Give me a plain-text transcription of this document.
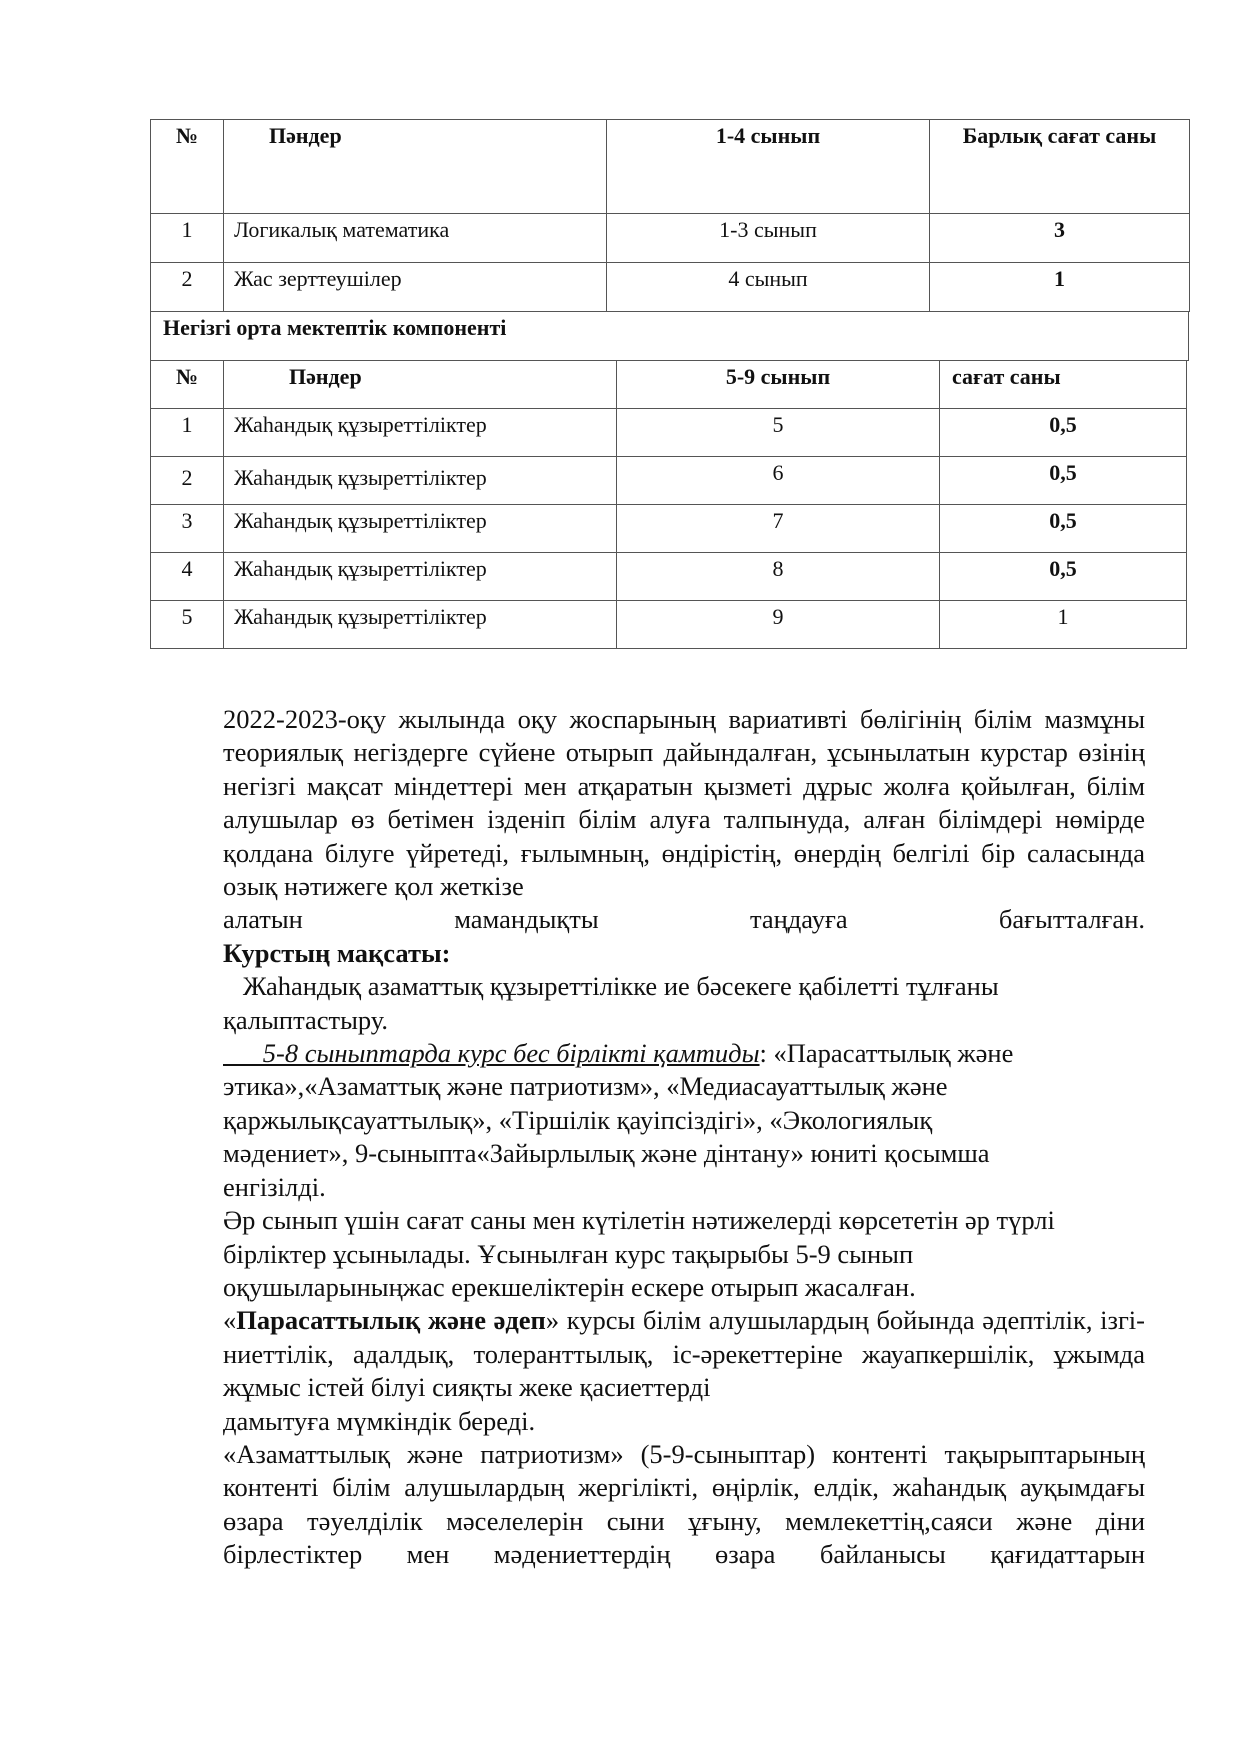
№	Пәндер	1-4 сынып	Барлық сағат саны
1	Логикалық математика	1-3 сынып	3
2	Жас зерттеушілер	4 сынып	1
Негізгі орта мектептік компоненті
№	Пәндер	5-9 сынып	сағат саны
1	Жаһандық құзыреттіліктер	5	0,5
2	Жаһандық құзыреттіліктер	6	0,5
3	Жаһандық құзыреттіліктер	7	0,5
4	Жаһандық құзыреттіліктер	8	0,5
5	Жаһандық құзыреттіліктер	9	1

2022-2023-оқу жылында оқу жоспарының вариативті бөлігінің білім мазмұны теориялық негіздерге сүйене отырып дайындалған, ұсынылатын курстар өзінің негізгі мақсат міндеттері мен атқаратын қызметі дұрыс жолға қойылған, білім алушылар өз бетімен ізденіп білім алуға талпынуда, алған білімдері нөмірде қолдана білуге үйретеді, ғылымның, өндірістің, өнердің белгілі бір саласында озық нәтижеге қол жеткізе

алатын мамандықты таңдауға бағытталған.

Курстың мақсаты:

Жаһандық азаматтық құзыреттілікке ие бәсекеге қабілетті тұлғаны

қалыптастыру.

5-8 сыныптарда курс бес бірлікті қамтиды: «Парасаттылық және

этика»,«Азаматтық және патриотизм», «Медиасауаттылық және

қаржылықсауаттылық», «Тіршілік қауіпсіздігі», «Экологиялық

мәдениет», 9-сыныпта«Зайырлылық және дінтану» юниті қосымша

енгізілді.

Әр сынып үшін сағат саны мен күтілетін нәтижелерді көрсететін әр түрлі

бірліктер ұсынылады. Ұсынылған курс тақырыбы 5-9 сынып

оқушыларыныңжас ерекшеліктерін ескере отырып жасалған.

«Парасаттылық және әдеп» курсы білім алушылардың бойында әдептілік, ізгі-ниеттілік, адалдық, толеранттылық, іс-әрекеттеріне жауапкершілік, ұжымда жұмыс істей білуі сияқты жеке қасиеттерді

дамытуға мүмкіндік береді.

«Азаматтылық және патриотизм» (5-9-сыныптар) контенті тақырыптарының контенті білім алушылардың жергілікті, өңірлік, елдік, жаһандық ауқымдағы өзара тәуелділік мәселелерін сыни ұғыну, мемлекеттің,саяси және діни бірлестіктер мен мәдениеттердің өзара байланысы қағидаттарын
